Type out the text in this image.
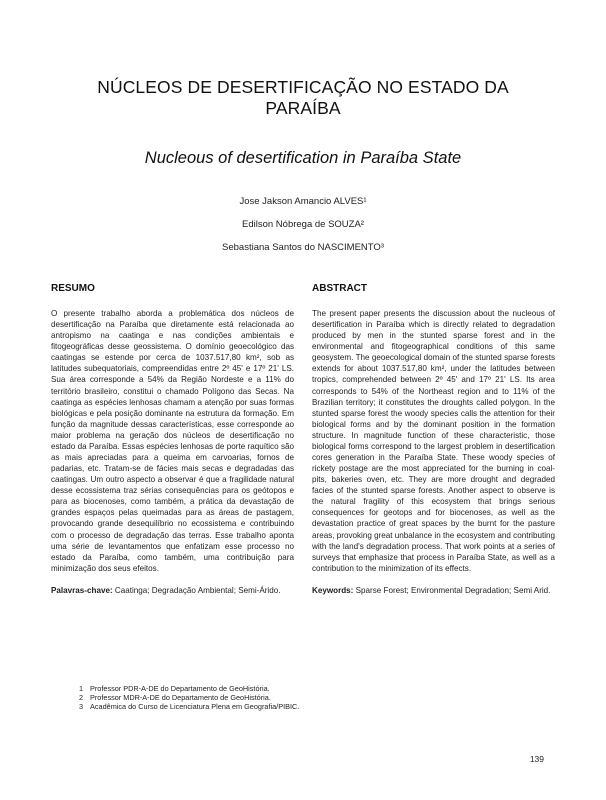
NÚCLEOS DE DESERTIFICAÇÃO NO ESTADO DA PARAÍBA
Nucleous of desertification in Paraíba State
Jose Jakson Amancio ALVES¹
Edilson Nóbrega de SOUZA²
Sebastiana Santos do NASCIMENTO³
RESUMO

O presente trabalho aborda a problemática dos núcleos de desertificação na Paraíba que diretamente está relacionada ao antropismo na caatinga e nas condições ambientais e fitogeográficas desse geossistema. O domínio geoecológico das caatingas se estende por cerca de 1037.517,80 km², sob as latitudes subequatoriais, compreendidas entre 2º 45' e 17º 21' LS. Sua área corresponde a 54% da Região Nordeste e a 11% do território brasileiro, constitui o chamado Polígono das Secas. Na caatinga as espécies lenhosas chamam a atenção por suas formas biológicas e pela posição dominante na estrutura da formação. Em função da magnitude dessas características, esse corresponde ao maior problema na geração dos núcleos de desertificação no estado da Paraíba. Essas espécies lenhosas de porte raquítico são as mais apreciadas para a queima em carvoarias, fornos de padarias, etc. Tratam-se de fácies mais secas e degradadas das caatingas. Um outro aspecto a observar é que a fragilidade natural desse ecossistema traz sérias consequências para os geótopos e para as biocenoses, como também, a prática da devastação de grandes espaços pelas queimadas para as áreas de pastagem, provocando grande desequilíbrio no ecossistema e contribuindo com o processo de degradação das terras. Esse trabalho aponta uma série de levantamentos que enfatizam esse processo no estado da Paraíba, como também, uma contribuição para minimização dos seus efeitos.

Palavras-chave: Caatinga; Degradação Ambiental; Semi-Árido.
ABSTRACT

The present paper presents the discussion about the nucleous of desertification in Paraíba which is directly related to degradation produced by men in the stunted sparse forest and in the environmental and fitogeographical conditions of this same geosystem. The geoecological domain of the stunted sparse forests extends for about 1037.517,80 km², under the latitudes between tropics, comprehended between 2º 45' and 17º 21' LS. Its area corresponds to 54% of the Northeast region and to 11% of the Brazilian territory; it constitutes the droughts called polygon. In the stunted sparse forest the woody species calls the attention for their biological forms and by the dominant position in the formation structure. In magnitude function of these characteristic, those biological forms correspond to the largest problem in desertification cores generation in the Paraíba State. These woody species of rickety postage are the most appreciated for the burning in coal-pits, bakeries oven, etc. They are more drought and degraded facies of the stunted sparse forests. Another aspect to observe is the natural fragility of this ecosystem that brings serious consequences for geotops and for biocenoses, as well as the devastation practice of great spaces by the burnt for the pasture areas, provoking great unbalance in the ecosystem and contributing with the land's degradation process. That work points at a series of surveys that emphasize that process in Paraíba State, as well as a contribution to the minimization of its effects.

Keywords: Sparse Forest; Environmental Degradation; Semi Arid.
1 Professor PDR-A-DE do Departamento de GeoHistória.
2 Professor MDR-A-DE do Departamento de GeoHistória.
3 Acadêmica do Curso de Licenciatura Plena em Geografia/PIBIC.
139
